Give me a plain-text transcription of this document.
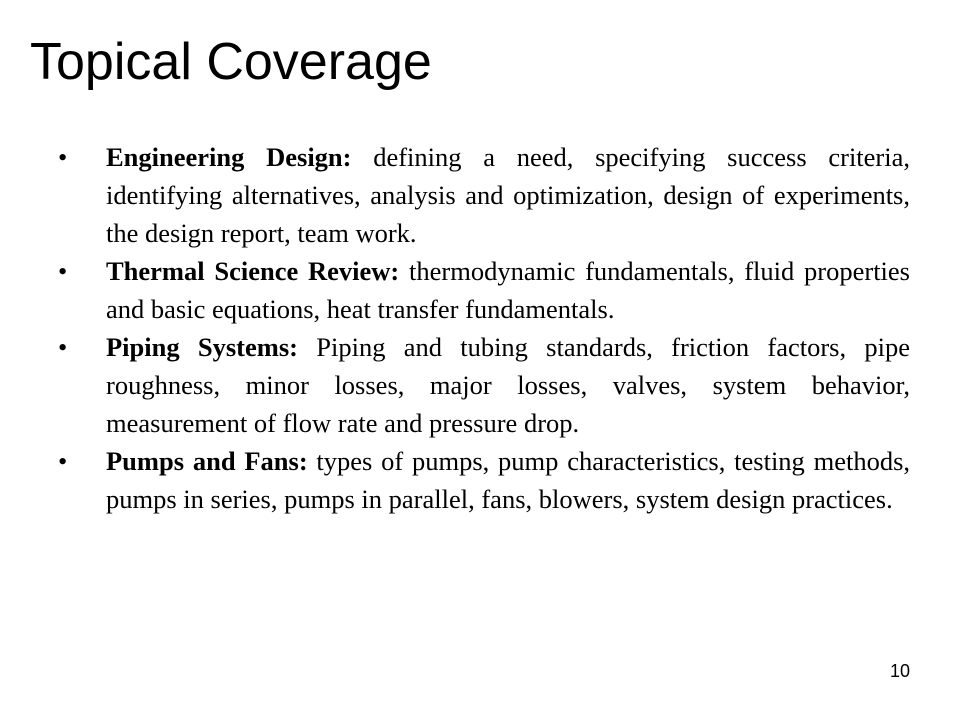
Topical Coverage
•	Engineering Design: defining a need, specifying success criteria, identifying alternatives, analysis and optimization, design of experiments, the design report, team work.
•	Thermal Science Review: thermodynamic fundamentals, fluid properties and basic equations, heat transfer fundamentals.
•	Piping Systems: Piping and tubing standards, friction factors, pipe roughness, minor losses, major losses, valves, system behavior, measurement of flow rate and pressure drop.
•	Pumps and Fans: types of pumps, pump characteristics, testing methods, pumps in series, pumps in parallel, fans, blowers, system design practices.
10
